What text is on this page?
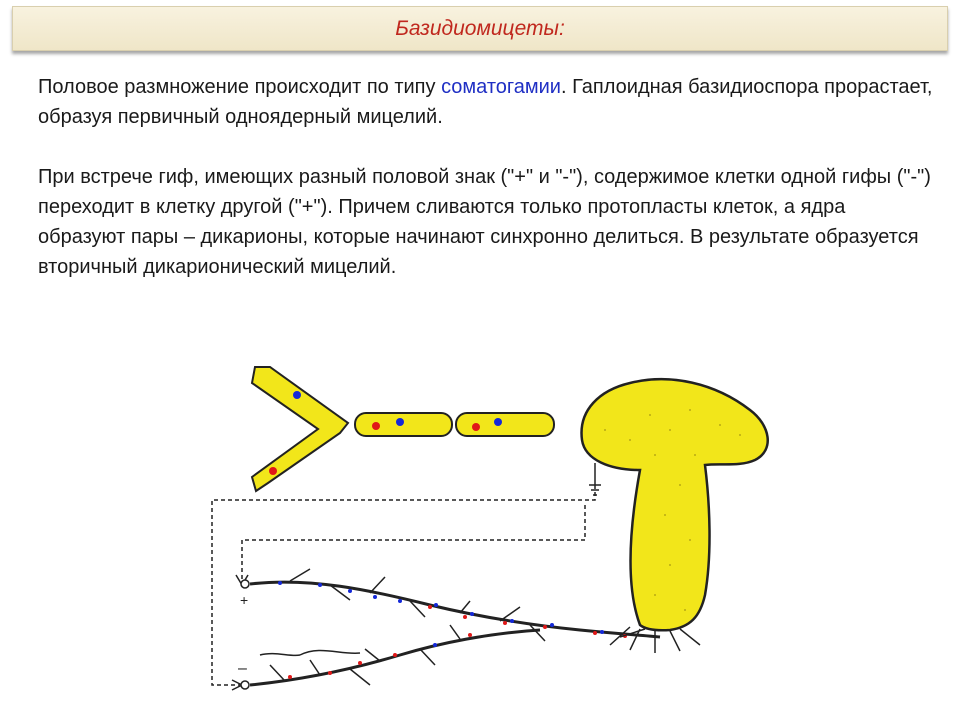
Базидиомицеты:

Половое размножение происходит по типу соматогамии. Гаплоидная базидиоспора прорастает, образуя первичный одноядерный мицелий.

При встрече гиф, имеющих разный половой знак ("+" и "-"), содержимое клетки одной гифы ("-") переходит в клетку другой ("+"). Причем сливаются только протопласты клеток, а ядра образуют пары – дикарионы, которые начинают синхронно делиться. В результате образуется вторичный дикарионический мицелий.

+
–
